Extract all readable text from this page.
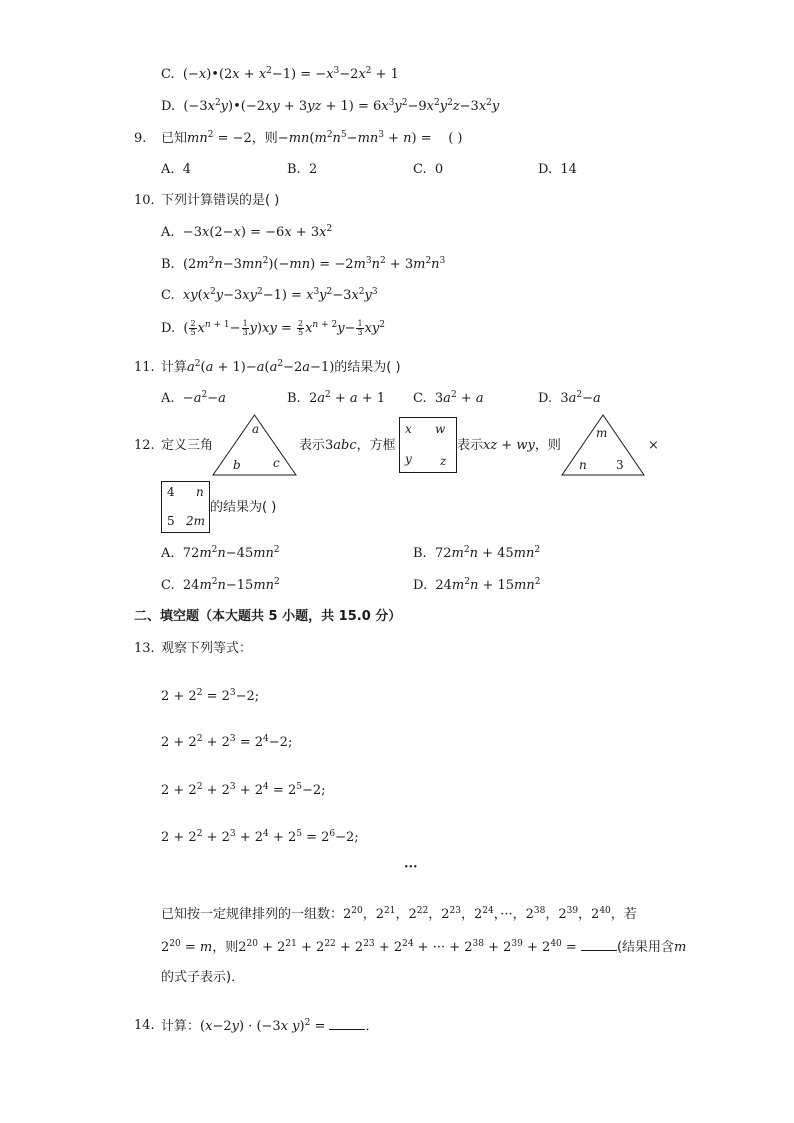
C.  (−x)•(2x + $x^2-1) = -x^3-2x^2 + 1$
D.  $(-3x^2y)•(-2xy + 3yz + 1) = 6x^3y^2-9x^2y^2z-3x^2y$
9. 已知$mn^2 = -2$，则$-mn(m^2n^5-mn^3 + n)$ =    ( )
A. 4	B. 2	C. 0	D. 14
10. 下列计算错误的是( )
A.  $-3x(2-x) = -6x + 3x^2$
B.  $(2m^2n-3mn^2)(-mn) = -2m^3n^2 + 3m^2n^3$
C. $xy(x^2y-3xy^2-1) = x^3y^2-3x^2y^3$
D.  ( $\frac{2}{5} x^{n + 1}- \frac{1}{3} y)xy = \frac{2}{5} x^{n + 2}y- \frac{1}{3} xy^2$
11. 计算$a^2(a + 1)-a(a^2-2a-1)$的结果为( )
A.  $-a^2-a$	B.  $2a^2 + a + 1$ C.  $3a^2 + a$	D.  $3a^2-a$
12. 定义三角
a
b	c
表示3abc，方框
x w
y z
表示xz + wy，则
m
n 3
×
4 n
5 2m
的结果为( )
A.  $72m^2n-45mn^2$	B.  $72m^2n + 45mn^2$
C.  $24m^2n-15mn^2$	D.  $24m^2n + 15mn^2$
二、填空题（本大题共 5 小题，共 15.0 分）
13. 观察下列等式：
$2 + 2^2 = 2^3-2$;
$2 + 2^2 + 2^3 = 2^4-2$;
$2 + 2^2 + 2^3 + 2^4 = 2^5-2$;
$2 + 2^2 + 2^3 + 2^4 + 2^5 = 2^6-2$;
···
已知按一定规律排列的一组数：$2^{20}$，$2^{21}$，$2^{22}$，$2^{23}$，$2^{24}$，···，$2^{38}$，$2^{39}$，$2^{40}$，若
$2^{20} = m$，则$2^{20} + 2^{21} + 2^{22} + 2^{23} + 2^{24}$ + ··· + $2^{38} + 2^{39} + 2^{40}$ =	(结果用含m
的式子表示)．
14. 计算：(x−2y) · (−3x y)$^2$ =	．
